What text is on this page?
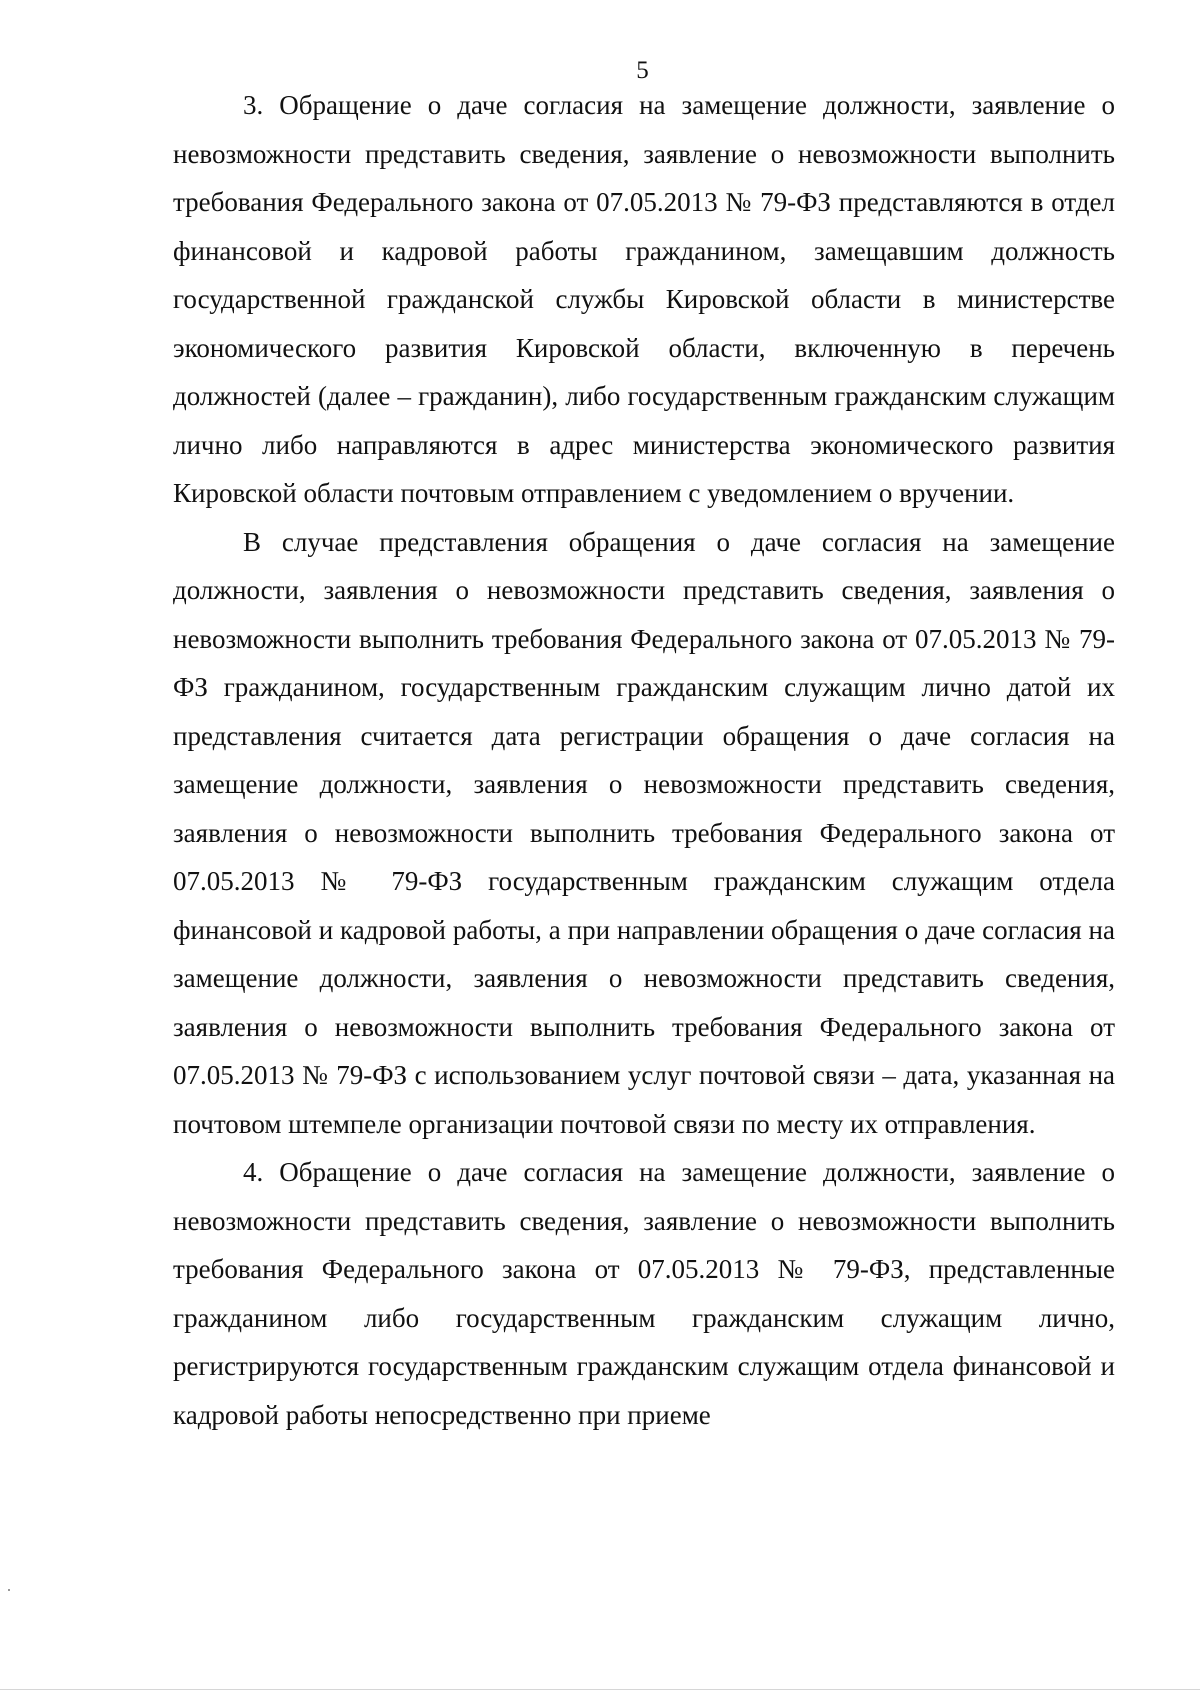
5

3. Обращение о даче согласия на замещение должности, заявление о невозможности представить сведения, заявление о невозможности выполнить требования Федерального закона от 07.05.2013 № 79-ФЗ представляются в отдел финансовой и кадровой работы гражданином, замещавшим должность государственной гражданской службы Кировской области в министерстве экономического развития Кировской области, включенную в перечень должностей (далее – гражданин), либо государственным гражданским служащим лично либо направляются в адрес министерства экономического развития Кировской области почтовым отправлением с уведомлением о вручении.

В случае представления обращения о даче согласия на замещение должности, заявления о невозможности представить сведения, заявления о невозможности выполнить требования Федерального закона от 07.05.2013 № 79-ФЗ гражданином, государственным гражданским служащим лично датой их представления считается дата регистрации обращения о даче согласия на замещение должности, заявления о невозможности представить сведения, заявления о невозможности выполнить требования Федерального закона от 07.05.2013 № 79-ФЗ государственным гражданским служащим отдела финансовой и кадровой работы, а при направлении обращения о даче согласия на замещение должности, заявления о невозможности представить сведения, заявления о невозможности выполнить требования Федерального закона от 07.05.2013 № 79-ФЗ с использованием услуг почтовой связи – дата, указанная на почтовом штемпеле организации почтовой связи по месту их отправления.

4. Обращение о даче согласия на замещение должности, заявление о невозможности представить сведения, заявление о невозможности выполнить требования Федерального закона от 07.05.2013 № 79-ФЗ, представленные гражданином либо государственным гражданским служащим лично, регистрируются государственным гражданским служащим отдела финансовой и кадровой работы непосредственно при приеме
